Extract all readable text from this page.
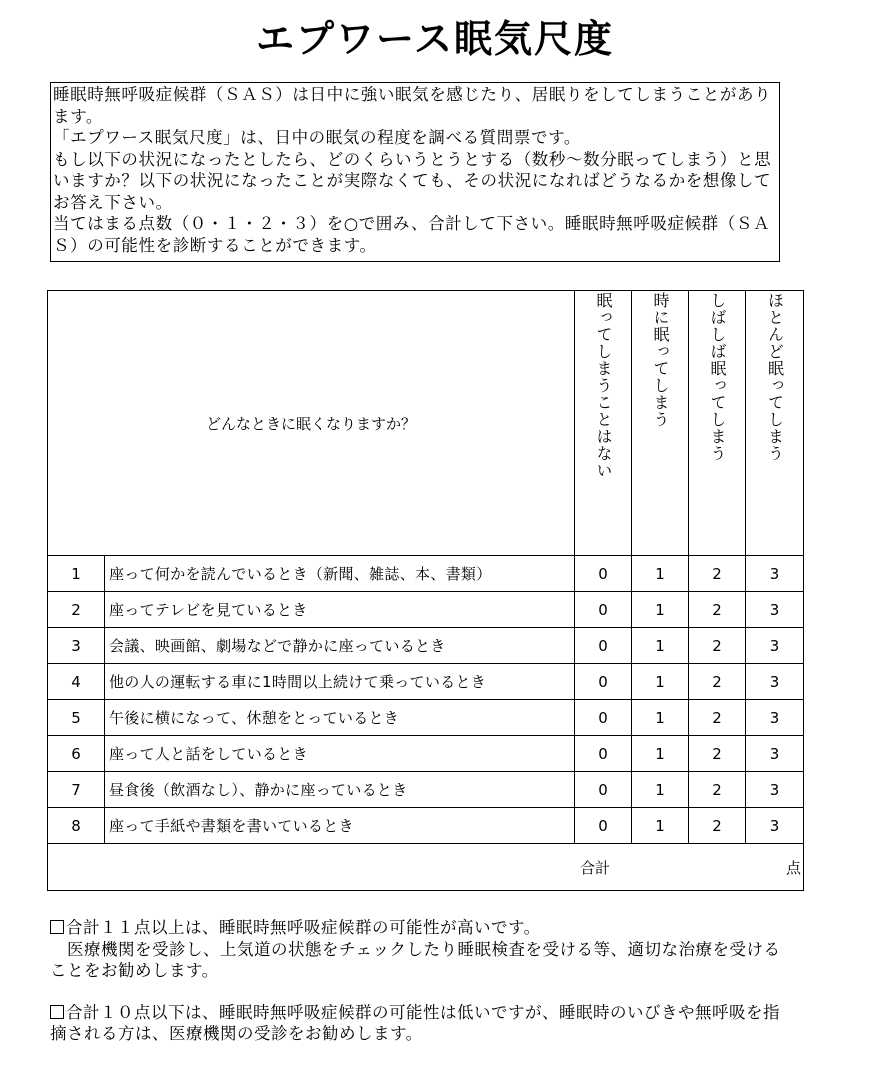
エプワース眠気尺度

睡眠時無呼吸症候群（ＳＡＳ）は日中に強い眠気を感じたり、居眠りをしてしまうことがあります。

「エプワース眠気尺度」は、日中の眠気の程度を調べる質問票です。

もし以下の状況になったとしたら、どのくらいうとうとする（数秒～数分眠ってしまう）と思いますか？以下の状況になったことが実際なくても、その状況になればどうなるかを想像してお答え下さい。

当てはまる点数（０・１・２・３）を○で囲み、合計して下さい。睡眠時無呼吸症候群（ＳＡＳ）の可能性を診断することができます。

どんなときに眠くなりますか？		眠ってしまうことはない	時に眠ってしまう	しばしば眠ってしまう	ほとんど眠ってしまう

1	座って何かを読んでいるとき（新聞、雑誌、本、書類）	0	1	2	3
2	座ってテレビを見ているとき	0	1	2	3
3	会議、映画館、劇場などで静かに座っているとき	0	1	2	3
4	他の人の運転する車に1時間以上続けて乗っているとき	0	1	2	3
5	午後に横になって、休憩をとっているとき	0	1	2	3
6	座って人と話をしているとき	0	1	2	3
7	昼食後（飲酒なし）、静かに座っているとき	0	1	2	3
8	座って手紙や書類を書いているとき	0	1	2	3

合計 点					

合計１１点以上は、睡眠時無呼吸症候群の可能性が高いです。
　医療機関を受診し、上気道の状態をチェックしたり睡眠検査を受ける等、適切な治療を受けることをお勧めします。

合計１０点以下は、睡眠時無呼吸症候群の可能性は低いですが、睡眠時のいびきや無呼吸を指摘される方は、医療機関の受診をお勧めします。
